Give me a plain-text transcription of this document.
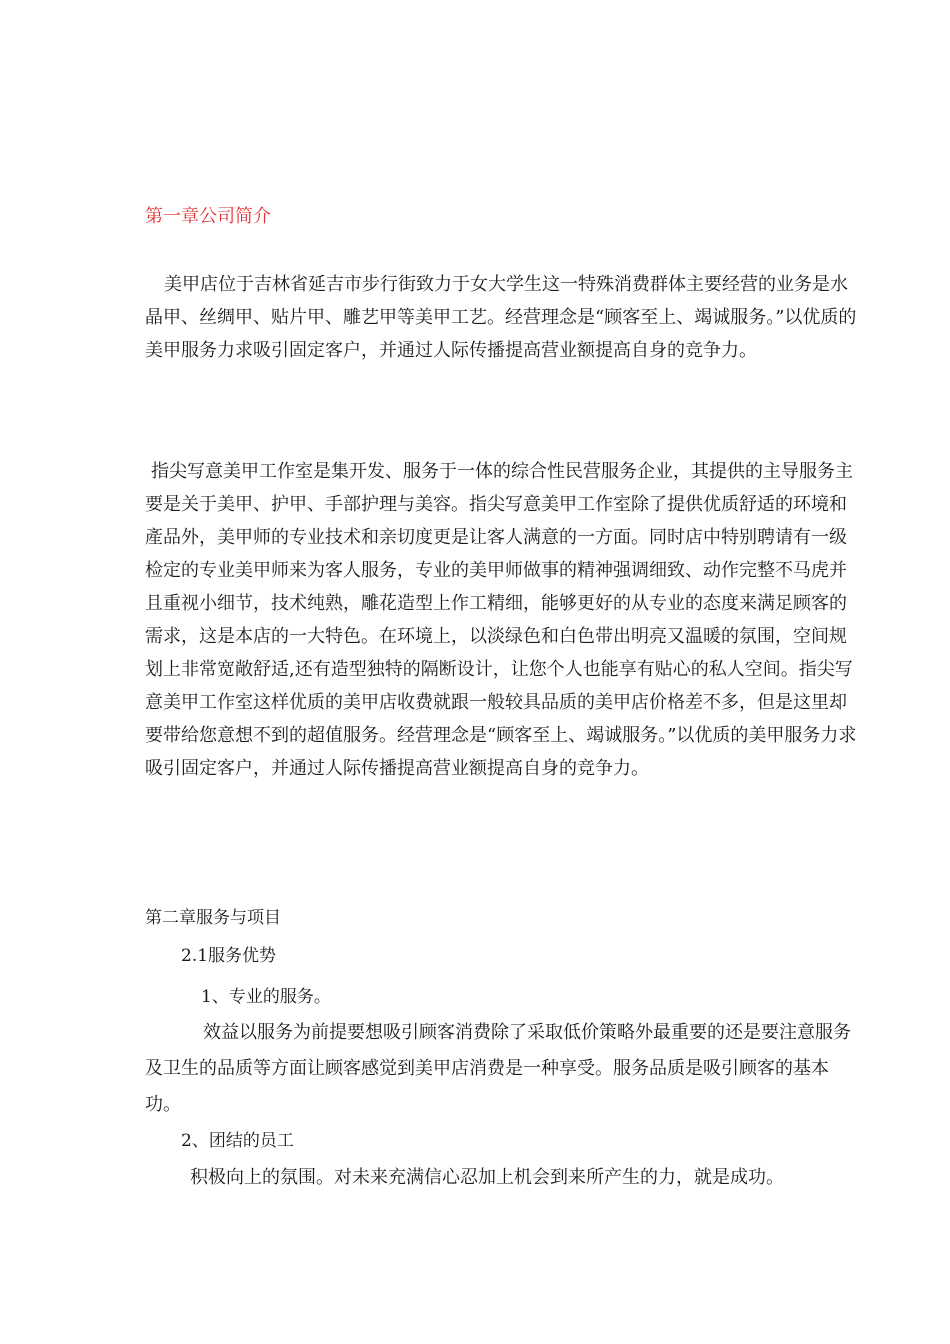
第一章公司简介

美甲店位于吉林省延吉市步行街致力于女大学生这一特殊消费群体主要经营的业务是水晶甲、丝绸甲、贴片甲、雕艺甲等美甲工艺。经营理念是“顾客至上、竭诚服务。”以优质的美甲服务力求吸引固定客户，并通过人际传播提高营业额提高自身的竞争力。

指尖写意美甲工作室是集开发、服务于一体的综合性民营服务企业，其提供的主导服务主要是关于美甲、护甲、手部护理与美容。指尖写意美甲工作室除了提供优质舒适的环境和產品外，美甲师的专业技术和亲切度更是让客人满意的一方面。同时店中特别聘请有一级检定的专业美甲师来为客人服务，专业的美甲师做事的精神强调细致、动作完整不马虎并且重视小细节，技术纯熟，雕花造型上作工精细，能够更好的从专业的态度来满足顾客的需求，这是本店的一大特色。在环境上，以淡绿色和白色带出明亮又温暖的氛围，空间规划上非常宽敞舒适,还有造型独特的隔断设计，让您个人也能享有贴心的私人空间。指尖写意美甲工作室这样优质的美甲店收费就跟一般较具品质的美甲店价格差不多，但是这里却要带给您意想不到的超值服务。经营理念是“顾客至上、竭诚服务。”以优质的美甲服务力求吸引固定客户，并通过人际传播提高营业额提高自身的竞争力。

第二章服务与项目
2.1服务优势
1、专业的服务。

效益以服务为前提要想吸引顾客消费除了采取低价策略外最重要的还是要注意服务及卫生的品质等方面让顾客感觉到美甲店消费是一种享受。服务品质是吸引顾客的基本功。

2、团结的员工
积极向上的氛围。对未来充满信心忍加上机会到来所产生的力，就是成功。
